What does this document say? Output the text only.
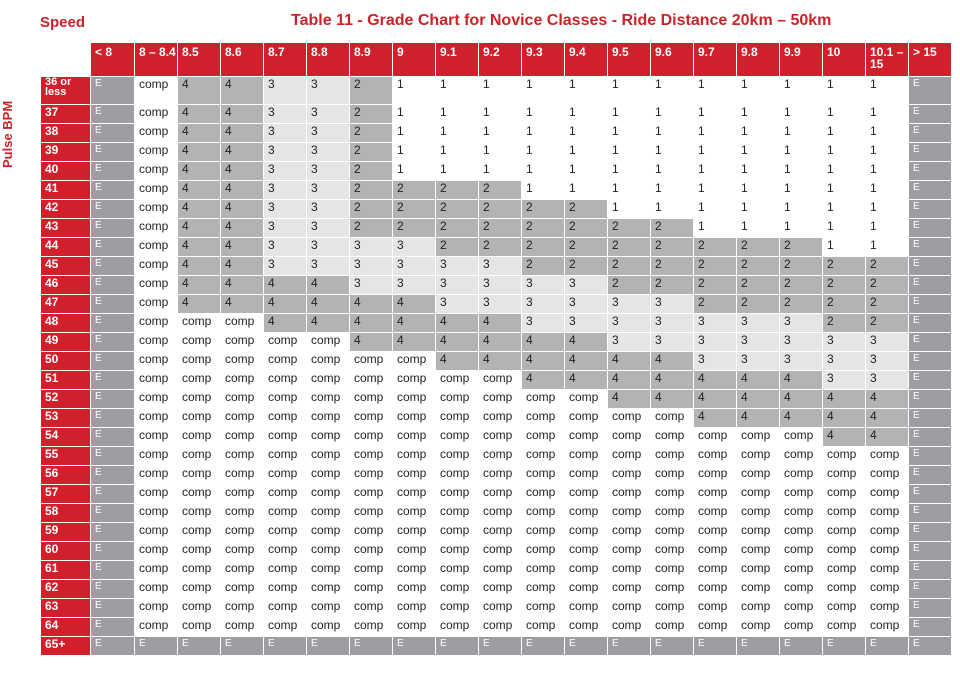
Speed	Table 11 - Grade Chart for Novice Classes - Ride Distance 20km – 50km
Pulse BPM
	< 8	8 – 8.4	8.5	8.6	8.7	8.8	8.9	9	9.1	9.2	9.3	9.4	9.5	9.6	9.7	9.8	9.9	10	10.1 – 15	> 15
36 or less	E	comp	4	4	3	3	2	1	1	1	1	1	1	1	1	1	1	1	1	E
37	E	comp	4	4	3	3	2	1	1	1	1	1	1	1	1	1	1	1	1	E
38	E	comp	4	4	3	3	2	1	1	1	1	1	1	1	1	1	1	1	1	E
39	E	comp	4	4	3	3	2	1	1	1	1	1	1	1	1	1	1	1	1	E
40	E	comp	4	4	3	3	2	1	1	1	1	1	1	1	1	1	1	1	1	E
41	E	comp	4	4	3	3	2	2	2	2	1	1	1	1	1	1	1	1	1	E
42	E	comp	4	4	3	3	2	2	2	2	2	2	1	1	1	1	1	1	1	E
43	E	comp	4	4	3	3	2	2	2	2	2	2	2	2	1	1	1	1	1	E
44	E	comp	4	4	3	3	3	3	2	2	2	2	2	2	2	2	2	1	1	E
45	E	comp	4	4	3	3	3	3	3	3	2	2	2	2	2	2	2	2	2	E
46	E	comp	4	4	4	4	3	3	3	3	3	3	2	2	2	2	2	2	2	E
47	E	comp	4	4	4	4	4	4	3	3	3	3	3	3	2	2	2	2	2	E
48	E	comp	comp	comp	4	4	4	4	4	4	3	3	3	3	3	3	3	2	2	E
49	E	comp	comp	comp	comp	comp	4	4	4	4	4	4	3	3	3	3	3	3	3	E
50	E	comp	comp	comp	comp	comp	comp	comp	4	4	4	4	4	4	3	3	3	3	3	E
51	E	comp	comp	comp	comp	comp	comp	comp	comp	comp	4	4	4	4	4	4	4	3	3	E
52	E	comp	comp	comp	comp	comp	comp	comp	comp	comp	comp	comp	4	4	4	4	4	4	4	E
53	E	comp	comp	comp	comp	comp	comp	comp	comp	comp	comp	comp	comp	comp	4	4	4	4	4	E
54	E	comp	comp	comp	comp	comp	comp	comp	comp	comp	comp	comp	comp	comp	comp	comp	comp	4	4	E
55	E	comp	comp	comp	comp	comp	comp	comp	comp	comp	comp	comp	comp	comp	comp	comp	comp	comp	comp	E
56	E	comp	comp	comp	comp	comp	comp	comp	comp	comp	comp	comp	comp	comp	comp	comp	comp	comp	comp	E
57	E	comp	comp	comp	comp	comp	comp	comp	comp	comp	comp	comp	comp	comp	comp	comp	comp	comp	comp	E
58	E	comp	comp	comp	comp	comp	comp	comp	comp	comp	comp	comp	comp	comp	comp	comp	comp	comp	comp	E
59	E	comp	comp	comp	comp	comp	comp	comp	comp	comp	comp	comp	comp	comp	comp	comp	comp	comp	comp	E
60	E	comp	comp	comp	comp	comp	comp	comp	comp	comp	comp	comp	comp	comp	comp	comp	comp	comp	comp	E
61	E	comp	comp	comp	comp	comp	comp	comp	comp	comp	comp	comp	comp	comp	comp	comp	comp	comp	comp	E
62	E	comp	comp	comp	comp	comp	comp	comp	comp	comp	comp	comp	comp	comp	comp	comp	comp	comp	comp	E
63	E	comp	comp	comp	comp	comp	comp	comp	comp	comp	comp	comp	comp	comp	comp	comp	comp	comp	comp	E
64	E	comp	comp	comp	comp	comp	comp	comp	comp	comp	comp	comp	comp	comp	comp	comp	comp	comp	comp	E
65+	E	E	E	E	E	E	E	E	E	E	E	E	E	E	E	E	E	E	E	E
